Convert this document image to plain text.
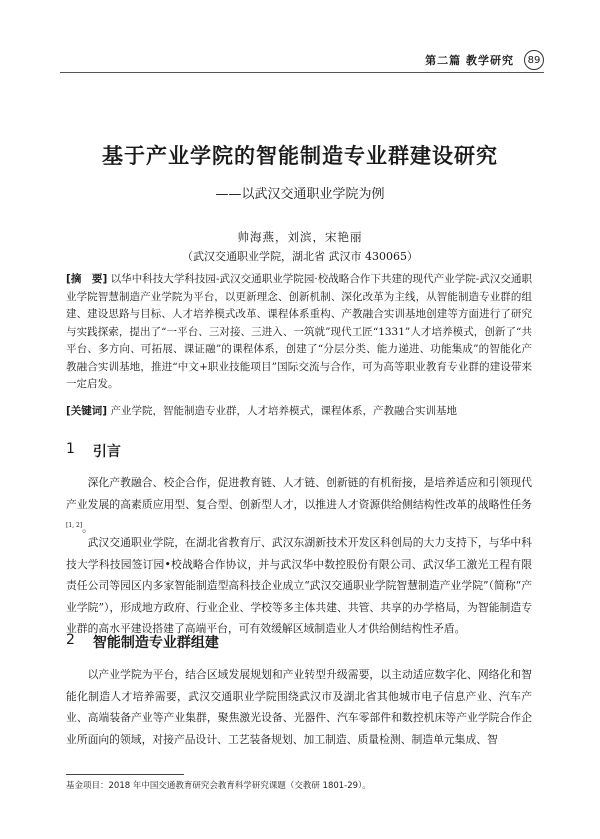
第二篇 教学研究	89
基于产业学院的智能制造专业群建设研究
——以武汉交通职业学院为例
帅海燕，刘滨，宋艳丽
（武汉交通职业学院，湖北省 武汉市 430065）
[摘　要] 以华中科技大学科技园-武汉交通职业学院园·校战略合作下共建的现代产业学院-武汉交通职业学院智慧制造产业学院为平台，以更新理念、创新机制、深化改革为主线，从智能制造专业群的组建、建设思路与目标、人才培养模式改革、课程体系重构、产教融合实训基地创建等方面进行了研究与实践探索，提出了“一平台、三对接、三进入、一筑就”现代工匠“1331”人才培养模式，创新了“共平台、多方向、可拓展、课证融”的课程体系，创建了“分层分类、能力递进、功能集成”的智能化产教融合实训基地，推进“中文+职业技能项目”国际交流与合作，可为高等职业教育专业群的建设带来一定启发。
[关键词] 产业学院，智能制造专业群，人才培养模式，课程体系，产教融合实训基地
1 引言
深化产教融合、校企合作，促进教育链、人才链、创新链的有机衔接，是培养适应和引领现代产业发展的高素质应用型、复合型、创新型人才，以推进人才资源供给侧结构性改革的战略性任务[1, 2]。
武汉交通职业学院，在湖北省教育厅、武汉东湖新技术开发区科创局的大力支持下，与华中科技大学科技园签订园•校战略合作协议，并与武汉华中数控股份有限公司、武汉华工激光工程有限责任公司等园区内多家智能制造型高科技企业成立“武汉交通职业学院智慧制造产业学院”（简称“产业学院”），形成地方政府、行业企业、学校等多主体共建、共管、共享的办学格局，为智能制造专业群的高水平建设搭建了高端平台，可有效缓解区域制造业人才供给侧结构性矛盾。
2 智能制造专业群组建
以产业学院为平台，结合区域发展规划和产业转型升级需要，以主动适应数字化、网络化和智能化制造人才培养需要，武汉交通职业学院围绕武汉市及湖北省其他城市电子信息产业、汽车产业、高端装备产业等产业集群，聚焦激光设备、光器件、汽车零部件和数控机床等产业学院合作企业所面向的领域，对接产品设计、工艺装备规划、加工制造、质量检测、制造单元集成、智
基金项目：2018 年中国交通教育研究会教育科学研究课题（交教研 1801-29）。
